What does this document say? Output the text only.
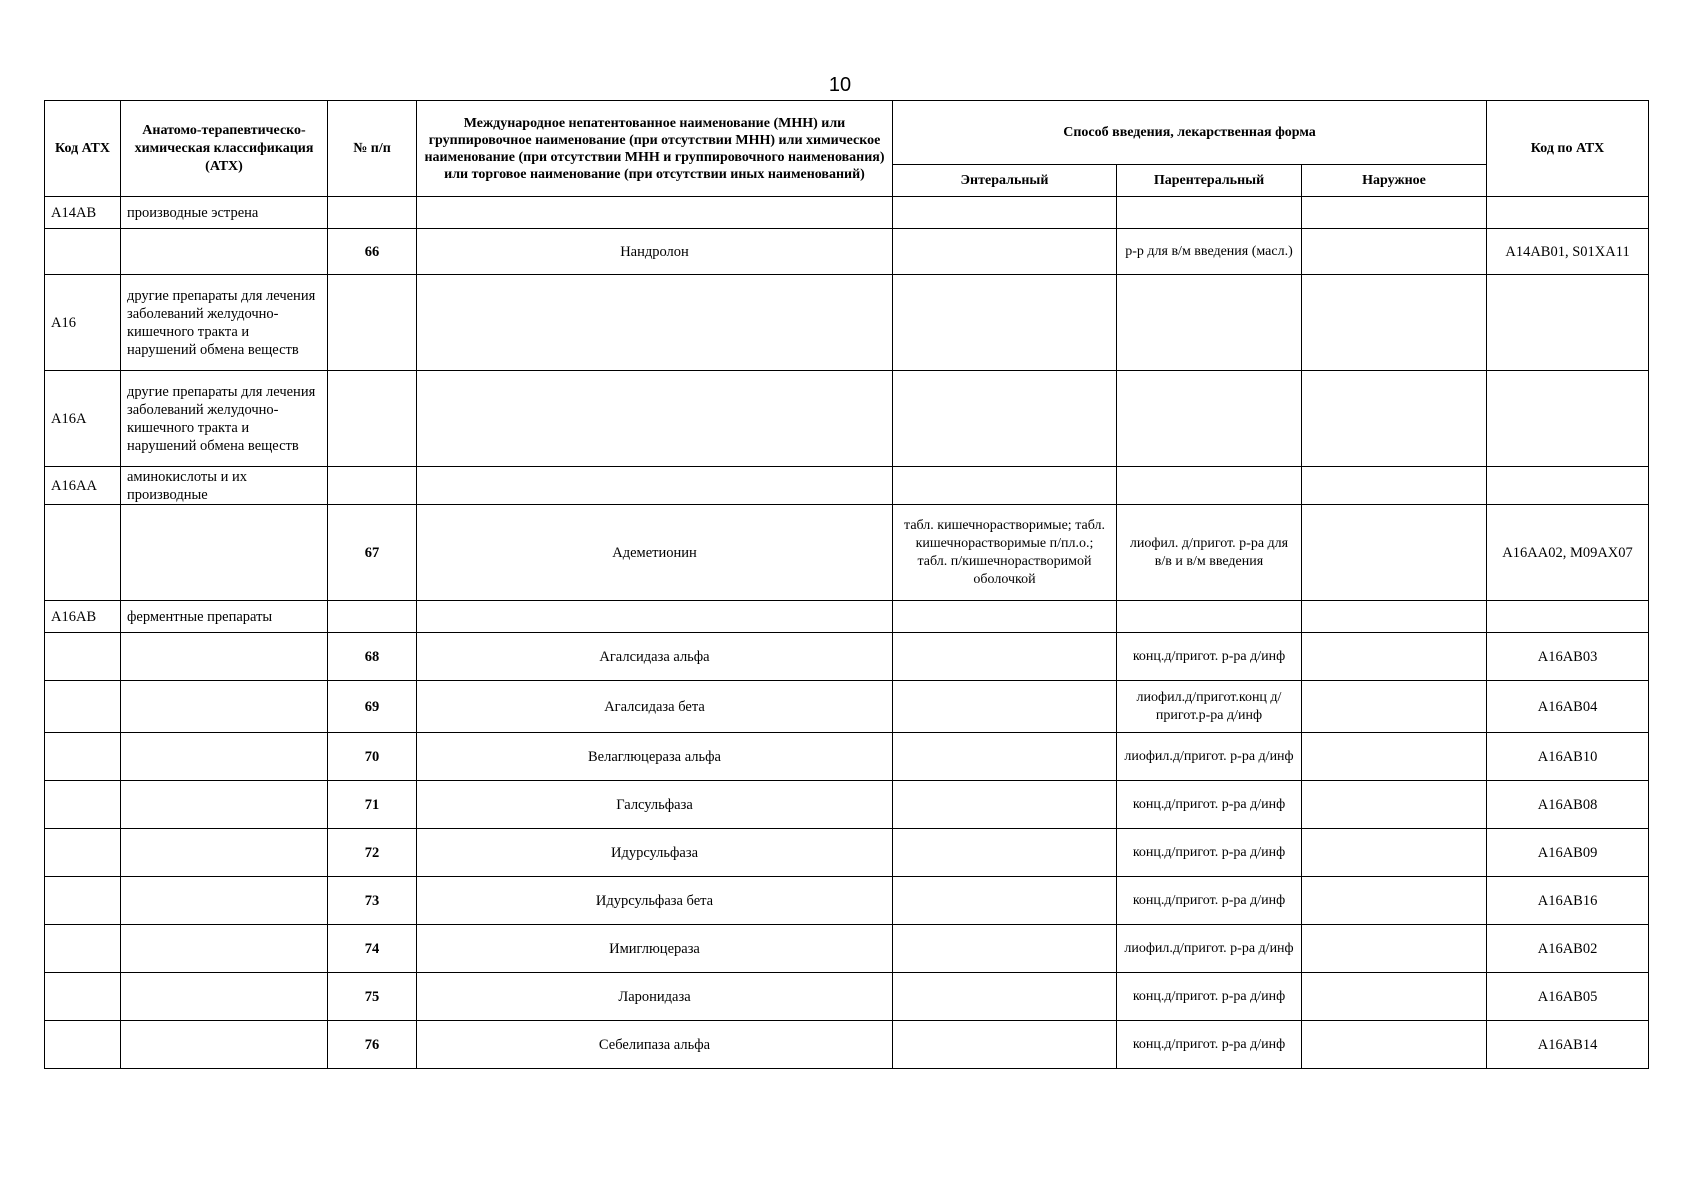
10
Код АТХ	Анатомо-терапевтическо-химическая классификация (АТХ)	№ п/п	Международное непатентованное наименование (МНН) или группировочное наименование (при отсутствии МНН) или химическое наименование (при отсутствии МНН и группировочного наименования) или торговое наименование (при отсутствии иных наименований)	Способ введения, лекарственная форма			Код по АТХ
				Энтеральный	Парентеральный	Наружное	
A14AB	производные эстрена						
		66	Нандролон		р-р для в/м введения (масл.)		A14AB01, S01XA11
A16	другие препараты для лечения заболеваний желудочно-кишечного тракта и нарушений обмена веществ						
A16A	другие препараты для лечения заболеваний желудочно-кишечного тракта и нарушений обмена веществ						
A16AA	аминокислоты и их производные						
		67	Адеметионин	табл. кишечнорастворимые; табл. кишечнорастворимые п/пл.о.; табл. п/кишечнорастворимой оболочкой	лиофил. д/пригот. р-ра для в/в и в/м введения		A16AA02, M09AX07
A16AB	ферментные препараты						
		68	Агалсидаза альфа		конц.д/пригот. р-ра д/инф		A16AB03
		69	Агалсидаза бета		лиофил.д/пригот.конц д/пригот.р-ра д/инф		A16AB04
		70	Велаглюцераза альфа		лиофил.д/пригот. р-ра д/инф		A16AB10
		71	Галсульфаза		конц.д/пригот. р-ра д/инф		A16AB08
		72	Идурсульфаза		конц.д/пригот. р-ра д/инф		A16AB09
		73	Идурсульфаза бета		конц.д/пригот. р-ра д/инф		A16AB16
		74	Имиглюцераза		лиофил.д/пригот. р-ра д/инф		A16AB02
		75	Ларонидаза		конц.д/пригот. р-ра д/инф		A16AB05
		76	Себелипаза альфа		конц.д/пригот. р-ра д/инф		A16AB14
